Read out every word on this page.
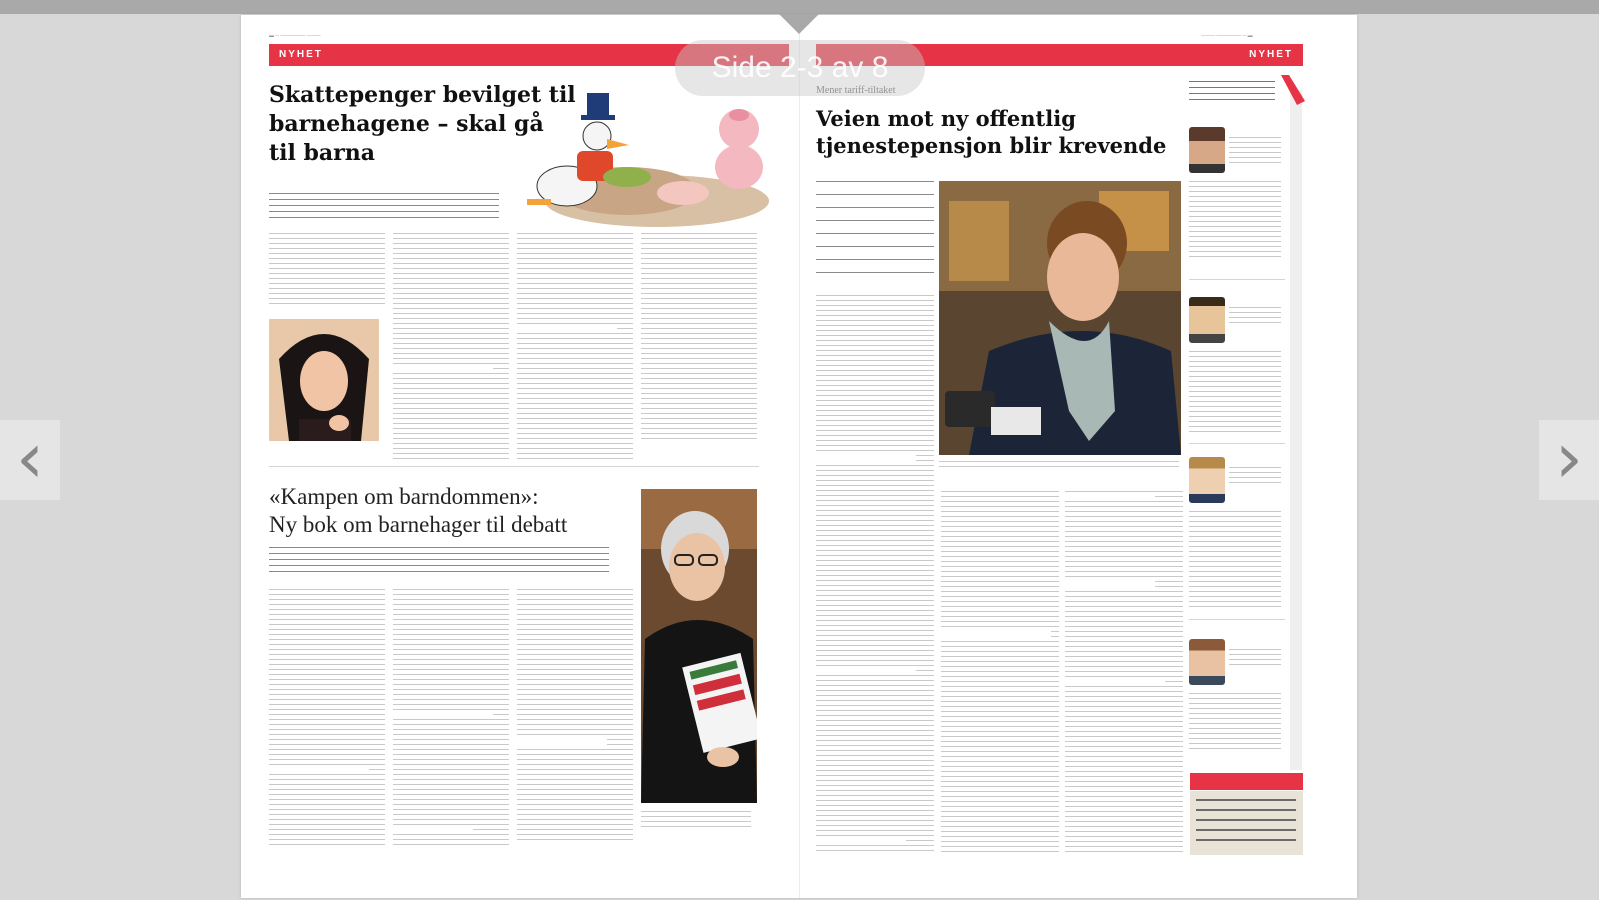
▬ ─ ─────── ────
NYHET
Skattepenger bevilget til
barnehagene – skal gå
til barna
«Kampen om barndommen»:
Ny bok om barnehager til debatt
──── ─────── ─ ▬
NYHET
Mener tariff-tiltaket
Veien mot ny offentlig
tjenestepensjon blir krevende
Side 2-3 av 8
‹	›
